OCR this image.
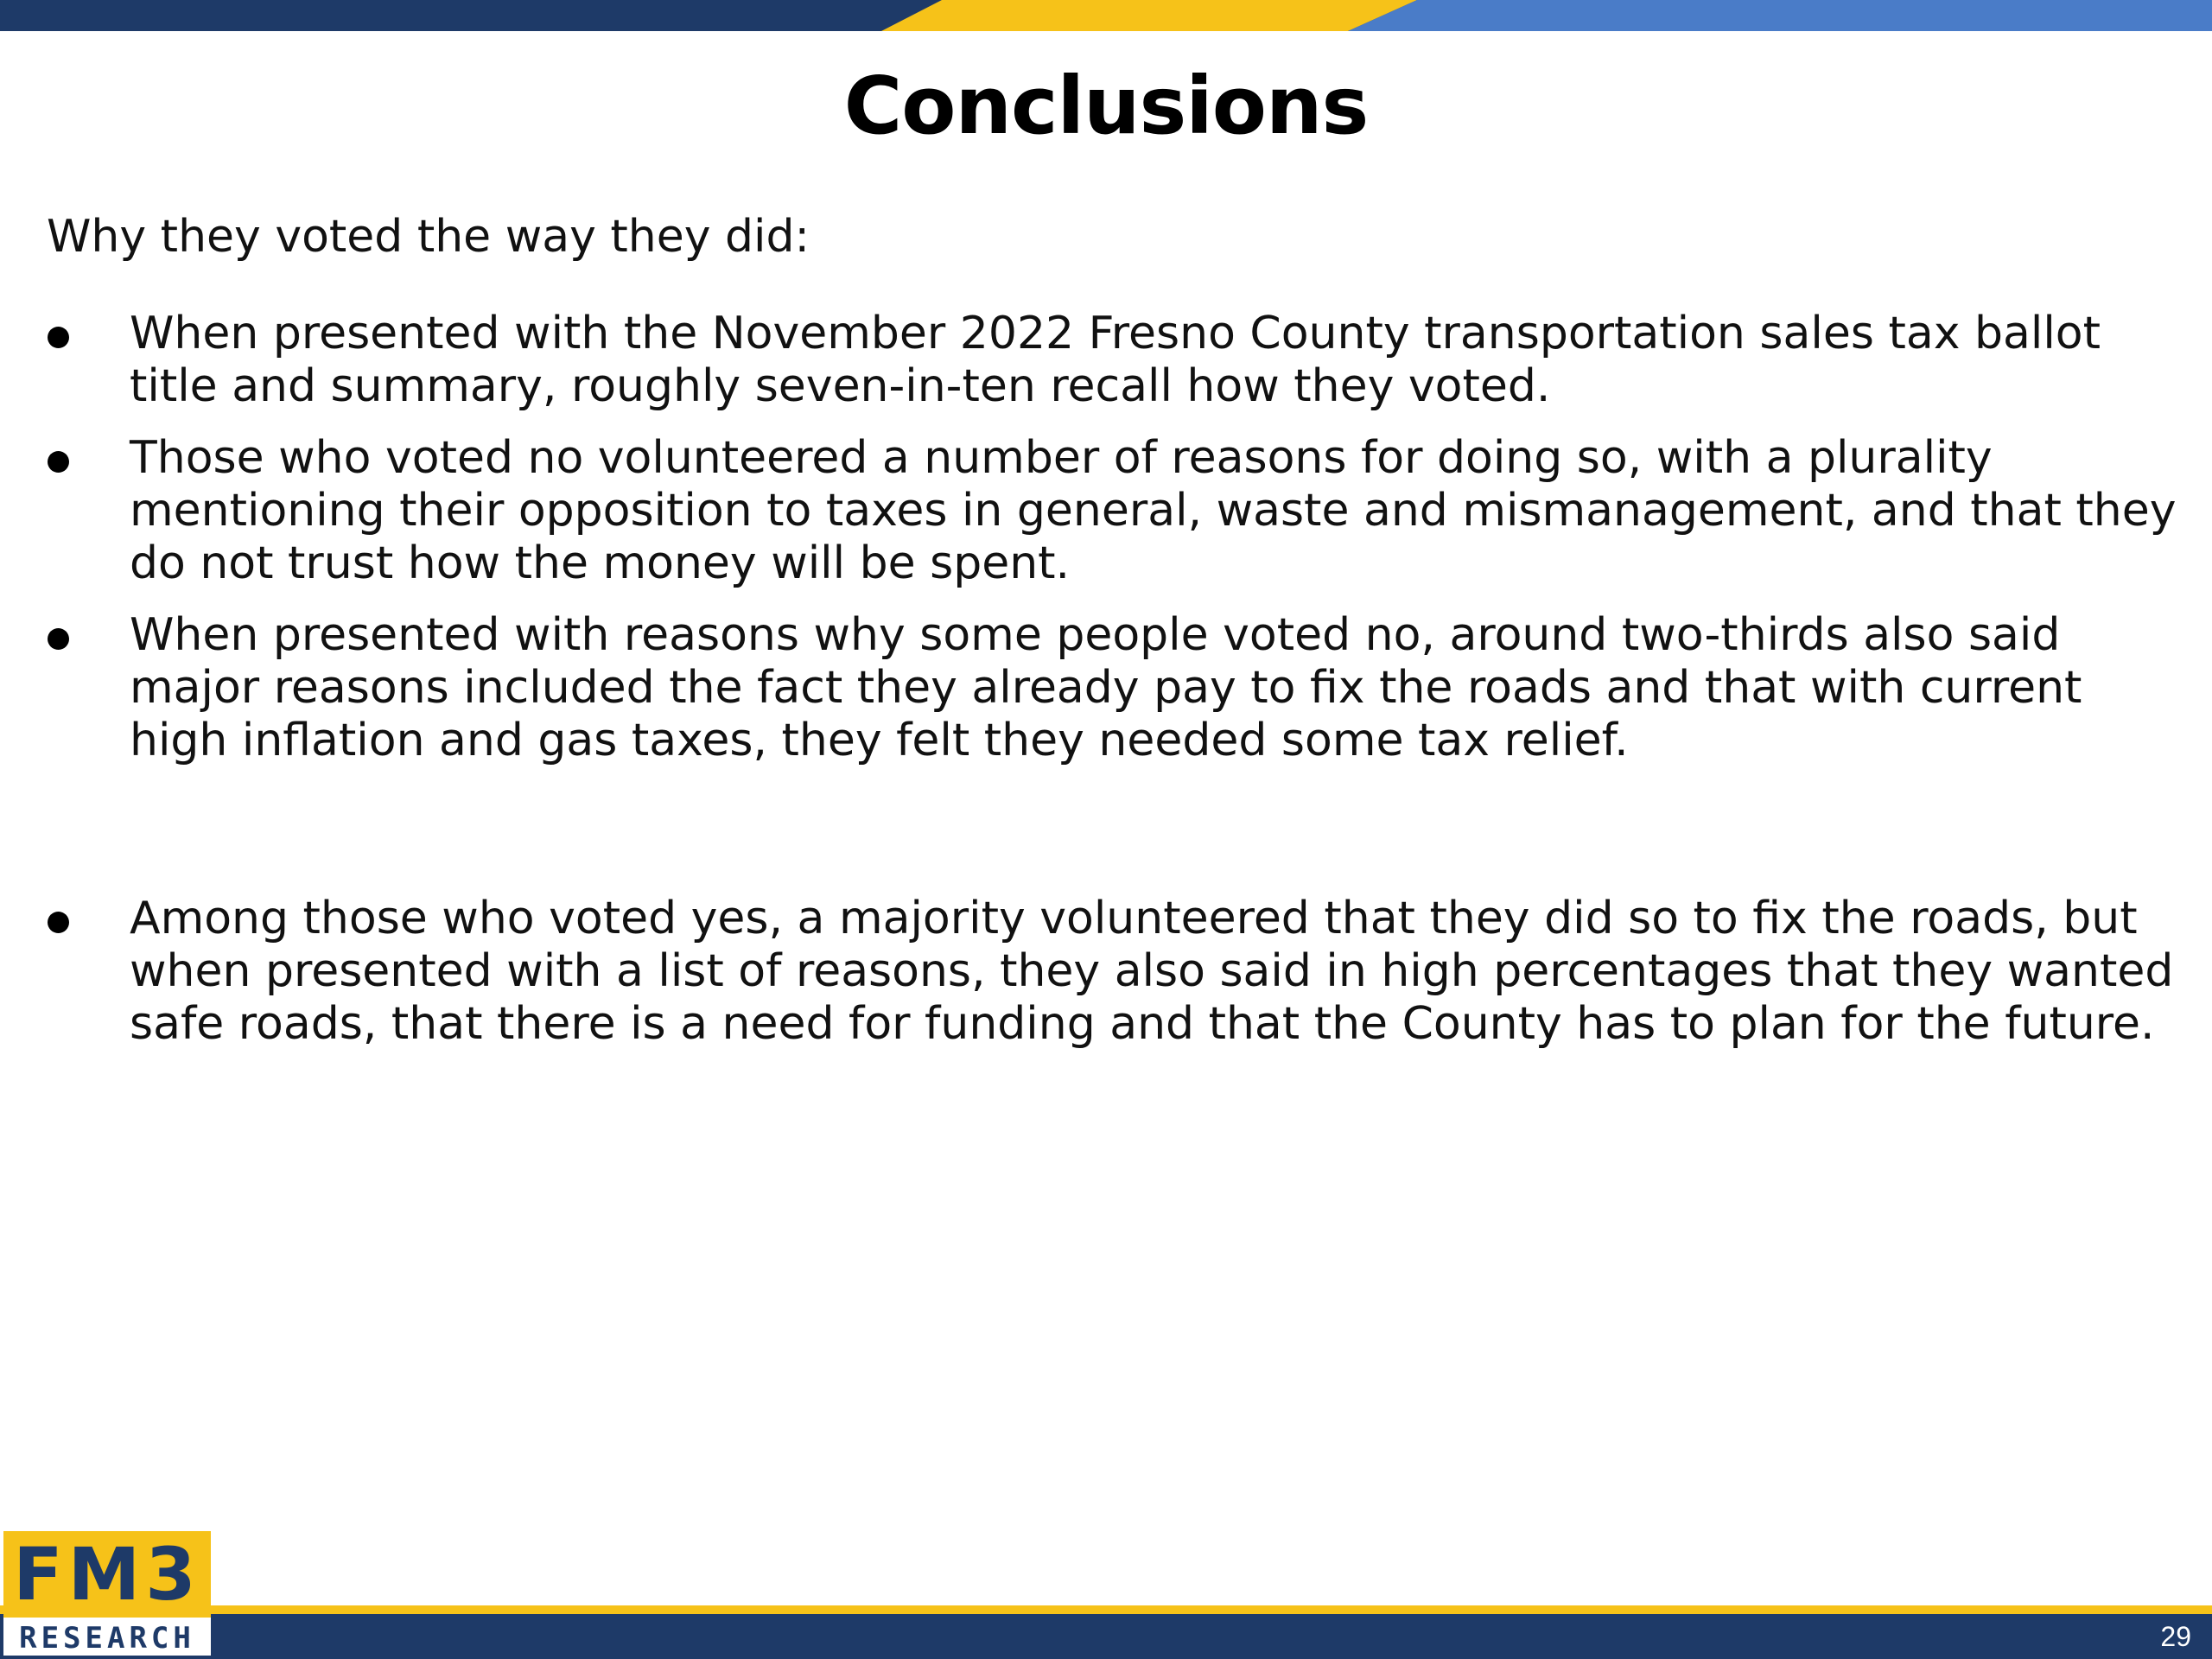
Conclusions

Why they voted the way they did:

When presented with the November 2022 Fresno County transportation sales tax ballot title and summary, roughly seven-in-ten recall how they voted.
Those who voted no volunteered a number of reasons for doing so, with a plurality mentioning their opposition to taxes in general, waste and mismanagement, and that they do not trust how the money will be spent.
When presented with reasons why some people voted no, around two-thirds also said major reasons included the fact they already pay to fix the roads and that with current high inflation and gas taxes, they felt they needed some tax relief.
Among those who voted yes, a majority volunteered that they did so to fix the roads, but when presented with a list of reasons, they also said in high percentages that they wanted safe roads, that there is a need for funding and that the County has to plan for the future.
29
FM3
RESEARCH
